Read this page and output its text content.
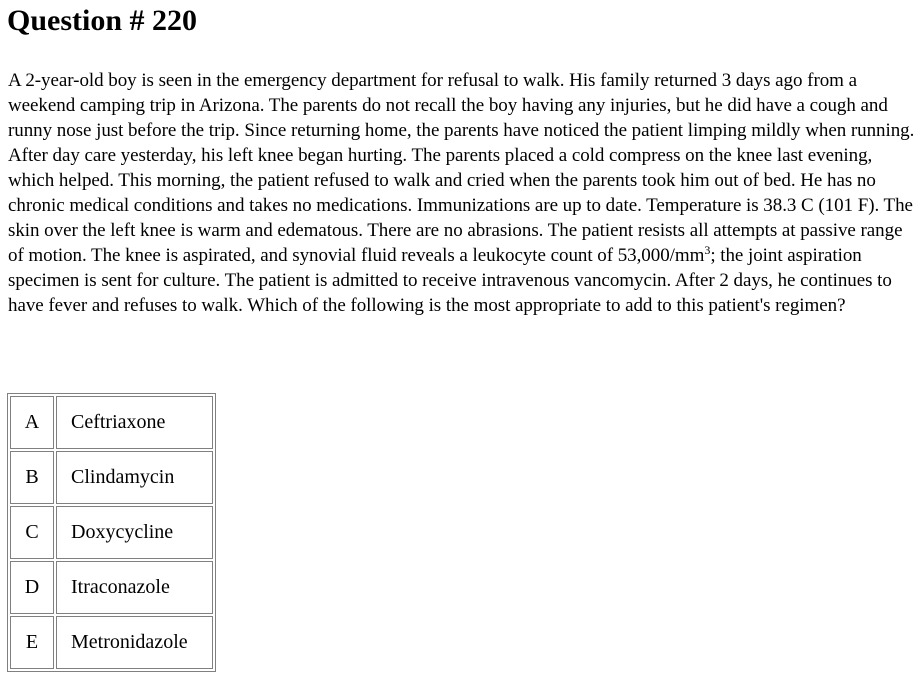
Question # 220
A 2-year-old boy is seen in the emergency department for refusal to walk. His family returned 3 days ago from a weekend camping trip in Arizona. The parents do not recall the boy having any injuries, but he did have a cough and runny nose just before the trip. Since returning home, the parents have noticed the patient limping mildly when running. After day care yesterday, his left knee began hurting. The parents placed a cold compress on the knee last evening, which helped. This morning, the patient refused to walk and cried when the parents took him out of bed. He has no chronic medical conditions and takes no medications. Immunizations are up to date. Temperature is 38.3 C (101 F). The skin over the left knee is warm and edematous. There are no abrasions. The patient resists all attempts at passive range of motion. The knee is aspirated, and synovial fluid reveals a leukocyte count of $53,000/mm^3$; the joint aspiration specimen is sent for culture. The patient is admitted to receive intravenous vancomycin. After 2 days, he continues to have fever and refuses to walk. Which of the following is the most appropriate to add to this patient's regimen?
A	Ceftriaxone
B	Clindamycin
C	Doxycycline
D	Itraconazole
E	Metronidazole
